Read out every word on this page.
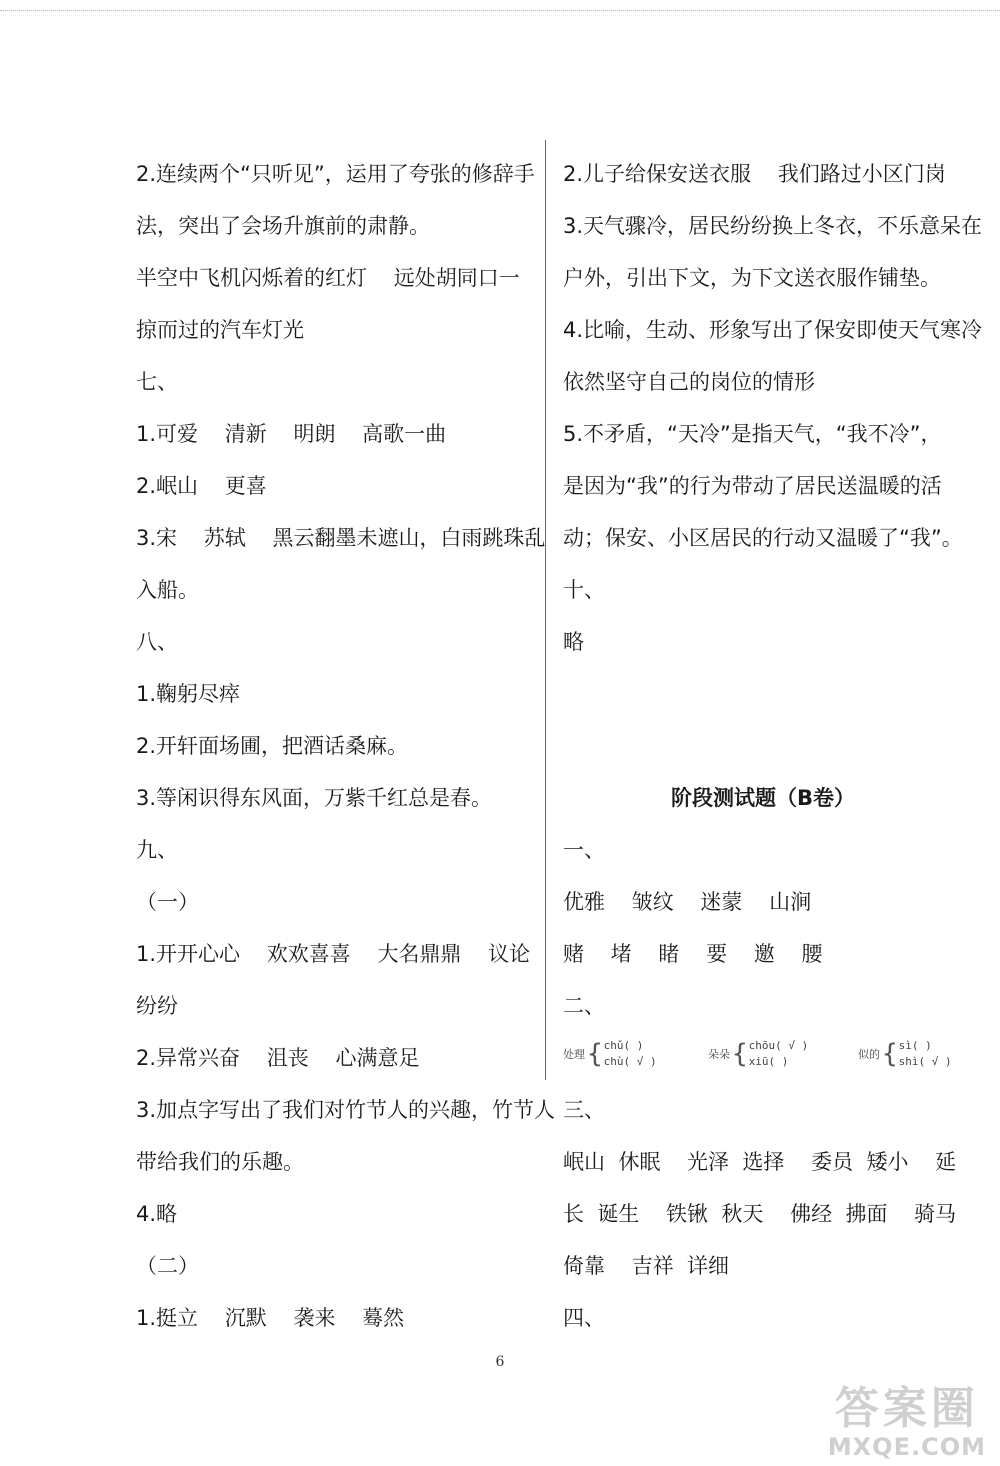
2.连续两个“只听见”，运用了夸张的修辞手
法，突出了会场升旗前的肃静。
半空中飞机闪烁着的红灯    远处胡同口一
掠而过的汽车灯光
七、
1.可爱    清新    明朗    高歌一曲
2.岷山    更喜
3.宋    苏轼    黑云翻墨未遮山，白雨跳珠乱
入船。
八、
1.鞠躬尽瘁
2.开轩面场圃，把酒话桑麻。
3.等闲识得东风面，万紫千红总是春。
九、
（一）
1.开开心心    欢欢喜喜    大名鼎鼎    议论
纷纷
2.异常兴奋    沮丧    心满意足
3.加点字写出了我们对竹节人的兴趣，竹节人
带给我们的乐趣。
4.略
（二）
1.挺立    沉默    袭来    蓦然
2.儿子给保安送衣服    我们路过小区门岗
3.天气骤冷，居民纷纷换上冬衣，不乐意呆在
户外，引出下文，为下文送衣服作铺垫。
4.比喻，生动、形象写出了保安即使天气寒冷
依然坚守自己的岗位的情形
5.不矛盾，“天冷”是指天气，“我不冷”，
是因为“我”的行为带动了居民送温暖的活
动；保安、小区居民的行动又温暖了“我”。
十、
略
阶段测试题（B卷）
一、
优雅    皱纹    迷蒙    山涧
赌    堵    睹    要    邀    腰
二、
处理 { chǔ( )
chù( √ )
朵朵 { chōu( √ )
xiū( )
似的 { sì( )
shì( √ )
三、
岷山  休眠    光泽  选择    委员  矮小    延
长  诞生    铁锹  秋天    佛经  拂面    骑马
倚靠    吉祥  详细
四、
6
答案圈
MXQE.COM
